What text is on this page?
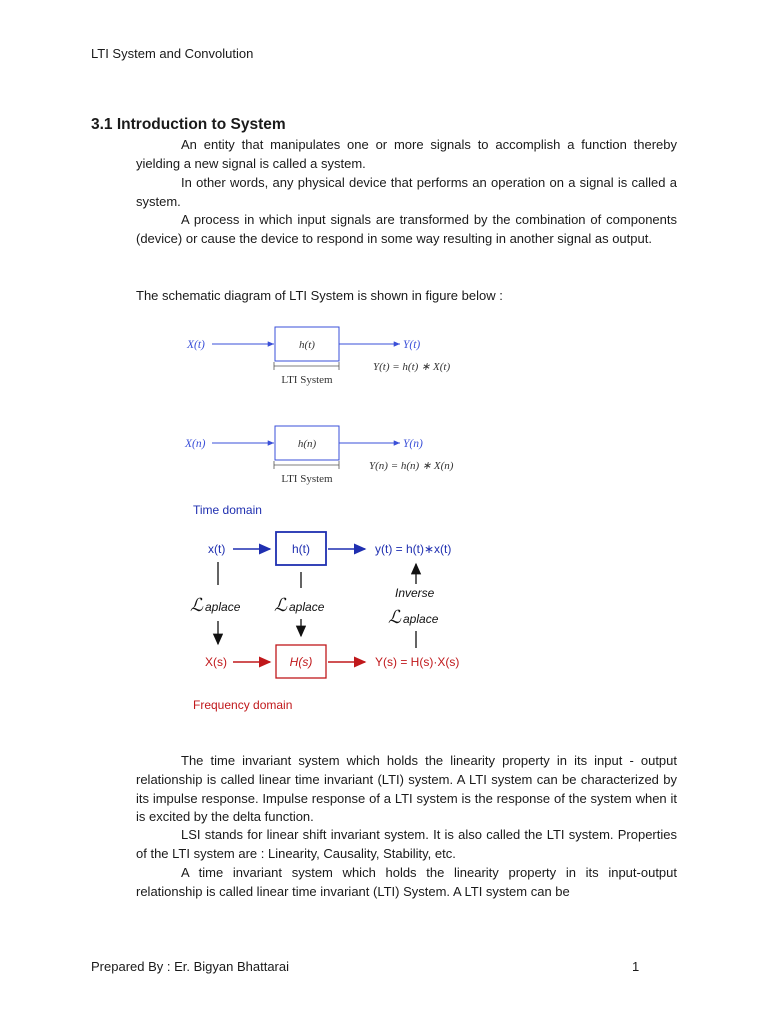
LTI System and Convolution
3.1 Introduction to System

An entity that manipulates one or more signals to accomplish a function thereby yielding a new signal is called a system.

In other words, any physical device that performs an operation on a signal is called a system.

A process in which input signals are transformed by the combination of components (device) or cause the device to respond in some way resulting in another signal as output.

The schematic diagram of LTI System is shown in figure below :

X(t)	h(t)	Y(t)
Y(t) = h(t) ∗ X(t)
LTI System
X(n)	h(n)	Y(n)
Y(n) = h(n) ∗ X(n)
LTI System
Time domain
x(t)	h(t)	y(t) = h(t)∗x(t)
ℒ aplace ℒ aplace
Inverse
ℒ aplace
X(s)	H(s)	Y(s) = H(s)·X(s)
Frequency domain

The time invariant system which holds the linearity property in its input - output relationship is called linear time invariant (LTI) system. A LTI system can be characterized by its impulse response. Impulse response of a LTI system is the response of the system when it is excited by the delta function.

LSI stands for linear shift invariant system. It is also called the LTI system. Properties of the LTI system are : Linearity, Causality, Stability, etc.

A time invariant system which holds the linearity property in its input-output relationship is called linear time invariant (LTI) System. A LTI system can be

Prepared By : Er. Bigyan Bhattarai	1
